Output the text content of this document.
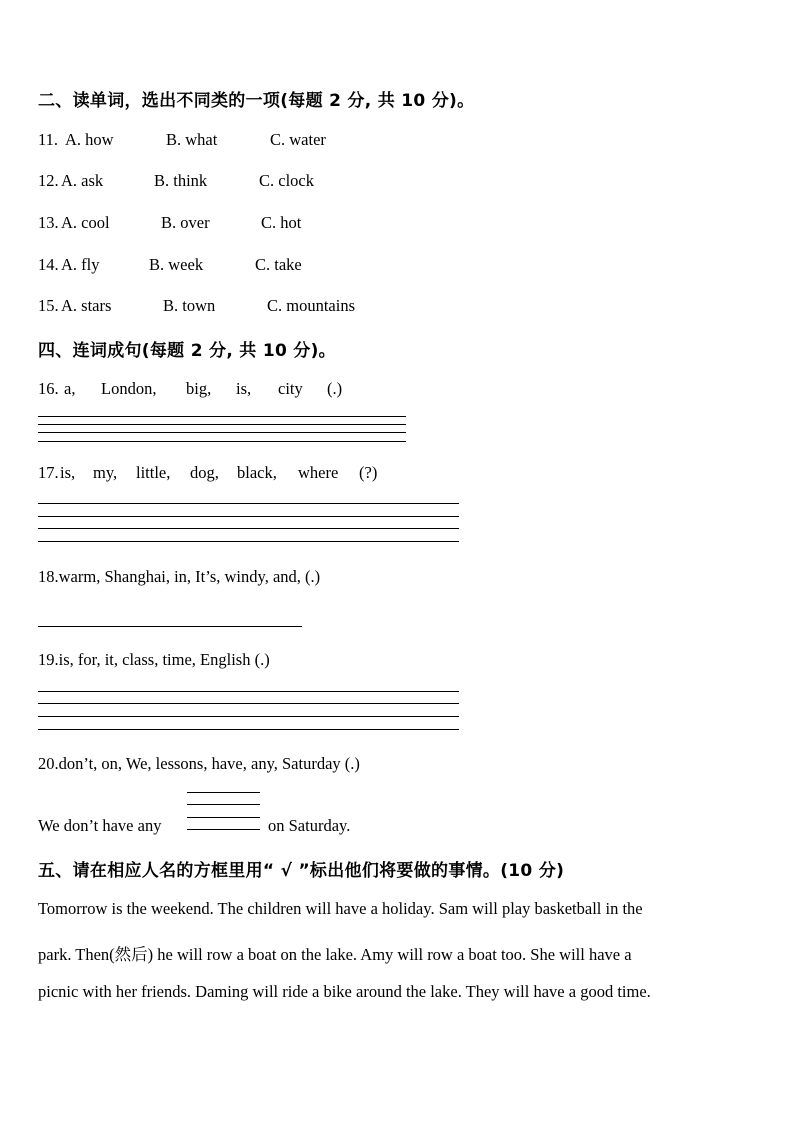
二、读单词，选出不同类的一项(每题 2 分, 共 10 分)。
11. A. how	B. what	C. water
12. A. ask	B. think	C. clock
13. A. cool	B. over	C. hot
14. A. fly	B. week	C. take
15. A. stars	B. town	C. mountains
四、连词成句(每题 2 分, 共 10 分)。
16. a, London, big, is, city (.)
17. is, my, little, dog, black, where (?)
18.warm, Shanghai, in, It’s, windy, and, (.)
19.is, for, it, class, time, English (.)
20.don’t, on, We, lessons, have, any, Saturday (.)
We don’t have any	on Saturday.
五、请在相应人名的方框里用“ √ ”标出他们将要做的事情。(10 分)
Tomorrow is the weekend. The children will have a holiday. Sam will play basketball in the
park. Then(然后) he will row a boat on the lake. Amy will row a boat too. She will have a
picnic with her friends. Daming will ride a bike around the lake. They will have a good time.
